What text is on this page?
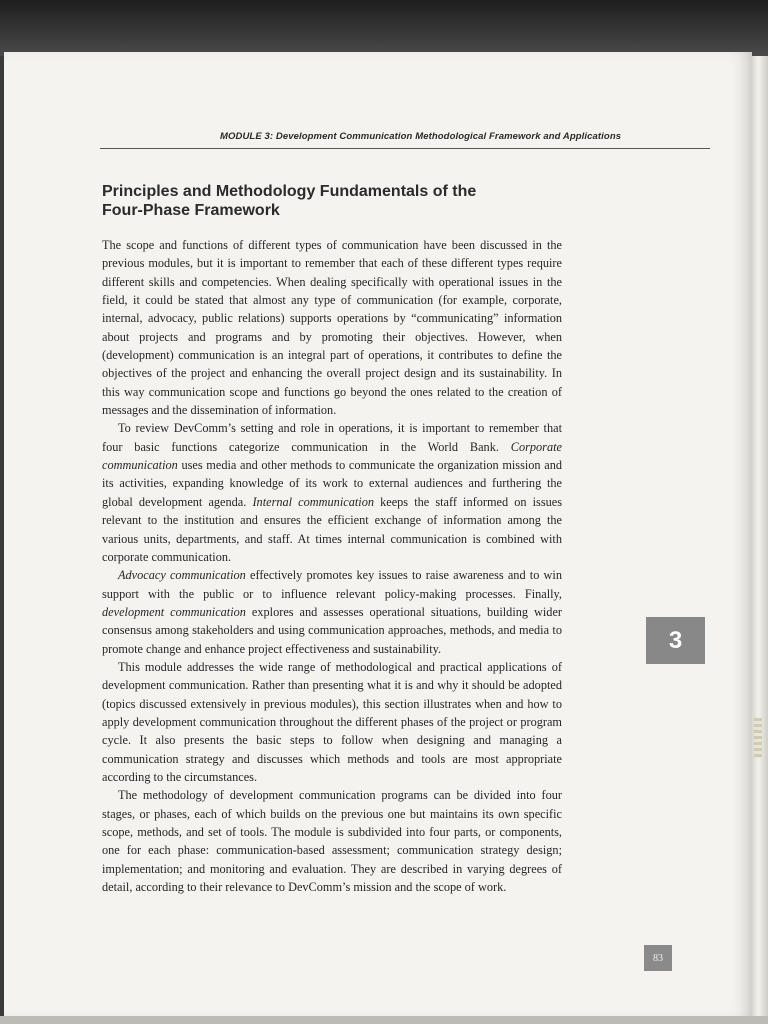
MODULE 3: Development Communication Methodological Framework and Applications
Principles and Methodology Fundamentals of the
Four-Phase Framework

The scope and functions of different types of communication have been discussed in the previous modules, but it is important to remember that each of these different types require different skills and competencies. When dealing specifically with operational issues in the field, it could be stated that almost any type of communication (for example, corporate, internal, advocacy, public relations) supports operations by “communicating” information about projects and programs and by promoting their objectives. However, when (development) communication is an integral part of operations, it contributes to define the objectives of the project and enhancing the overall project design and its sustainability. In this way communication scope and functions go beyond the ones related to the creation of messages and the dissemination of information.

To review DevComm’s setting and role in operations, it is important to remember that four basic functions categorize communication in the World Bank. Corporate communication uses media and other methods to communicate the organization mission and its activities, expanding knowledge of its work to external audiences and furthering the global development agenda. Internal communication keeps the staff informed on issues relevant to the institution and ensures the efficient exchange of information among the various units, departments, and staff. At times internal communication is combined with corporate communication.

Advocacy communication effectively promotes key issues to raise awareness and to win support with the public or to influence relevant policy-making processes. Finally, development communication explores and assesses operational situations, building wider consensus among stakeholders and using communication approaches, methods, and media to promote change and enhance project effectiveness and sustainability.

This module addresses the wide range of methodological and practical applications of development communication. Rather than presenting what it is and why it should be adopted (topics discussed extensively in previous modules), this section illustrates when and how to apply development communication throughout the different phases of the project or program cycle. It also presents the basic steps to follow when designing and managing a communication strategy and discusses which methods and tools are most appropriate according to the circumstances.

The methodology of development communication programs can be divided into four stages, or phases, each of which builds on the previous one but maintains its own specific scope, methods, and set of tools. The module is subdivided into four parts, or components, one for each phase: communication-based assessment; communication strategy design; implementation; and monitoring and evaluation. They are described in varying degrees of detail, according to their relevance to DevComm’s mission and the scope of work.

3
83
